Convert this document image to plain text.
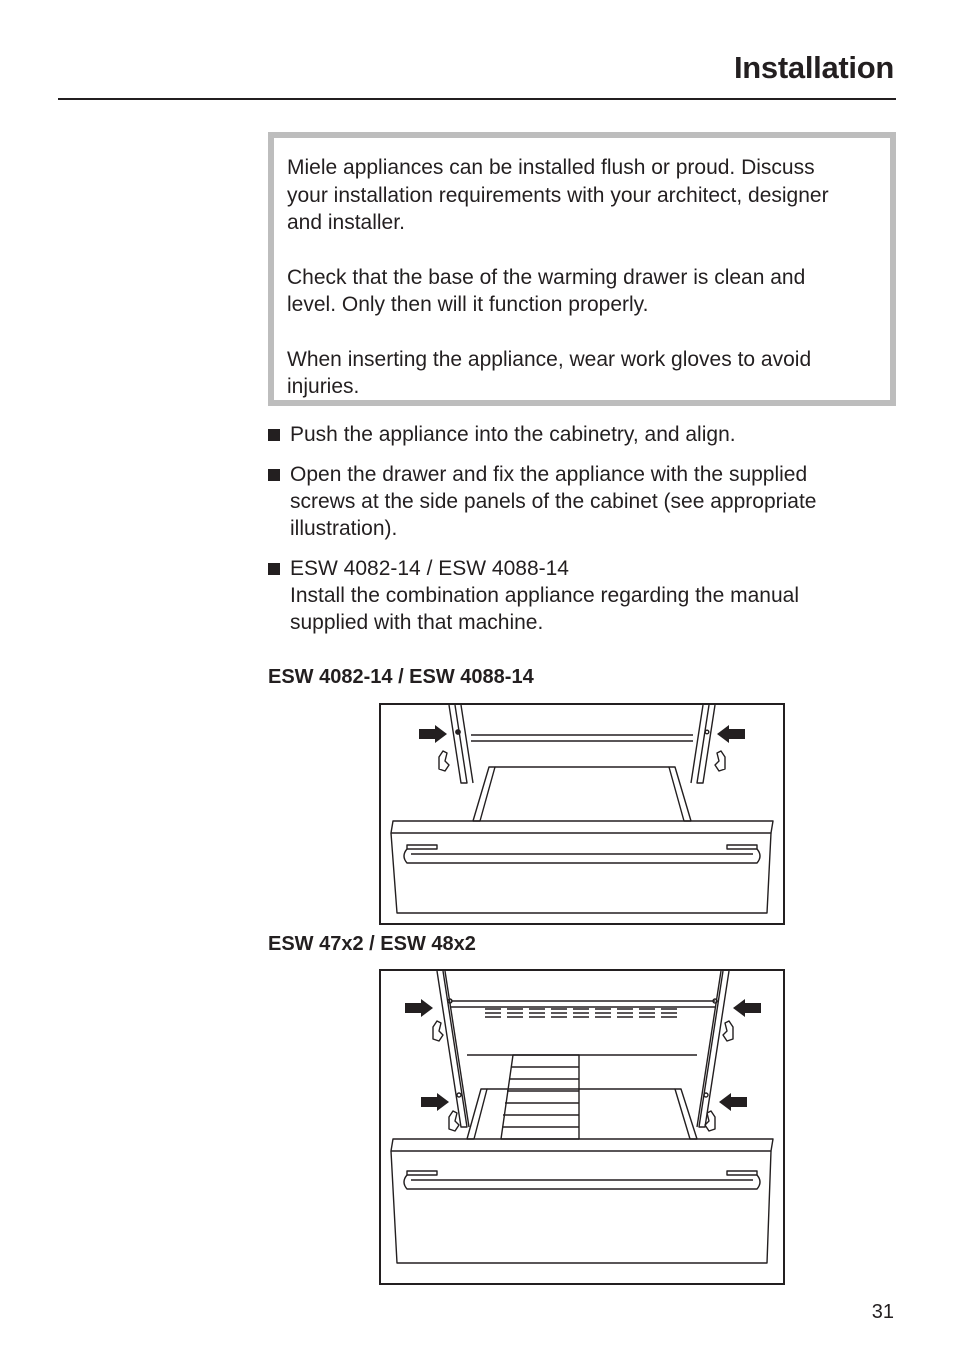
Installation

Miele appliances can be installed flush or proud. Discuss
your installation requirements with your architect, designer
and installer.

Check that the base of the warming drawer is clean and
level. Only then will it function properly.

When inserting the appliance, wear work gloves to avoid
injuries.

Push the appliance into the cabinetry, and align.
Open the drawer and fix the appliance with the supplied
screws at the side panels of the cabinet (see appropriate
illustration).
ESW 4082-14 / ESW 4088-14
Install the combination appliance regarding the manual
supplied with that machine.

ESW 4082-14 / ESW 4088-14

ESW 47x2 / ESW 48x2

31
